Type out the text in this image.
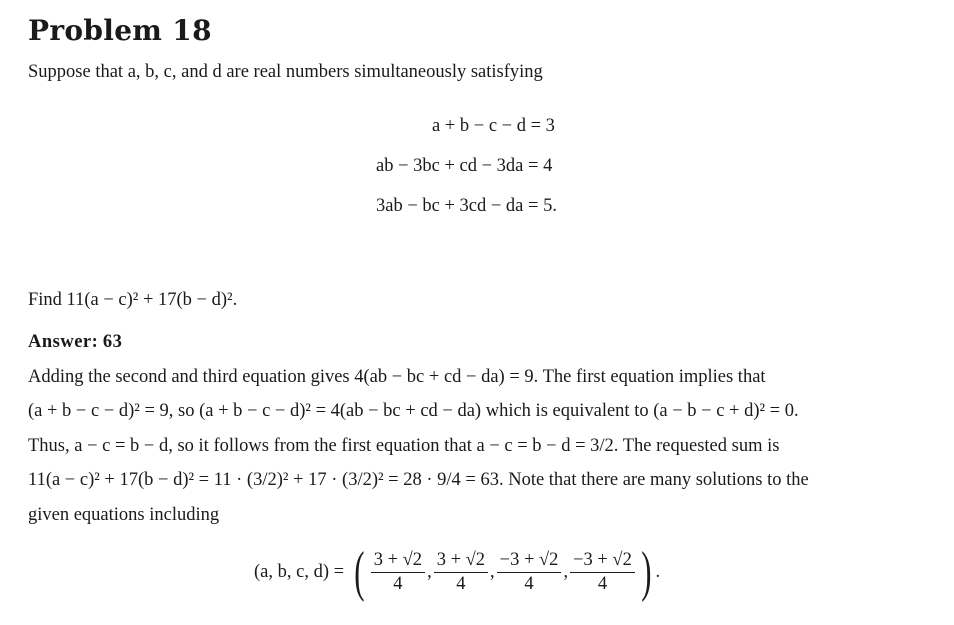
Problem 18
Suppose that a, b, c, and d are real numbers simultaneously satisfying
a + b − c − d = 3
ab − 3bc + cd − 3da = 4
3ab − bc + 3cd − da = 5.
Find 11(a − c)² + 17(b − d)².
Answer: 63
Adding the second and third equation gives 4(ab − bc + cd − da) = 9. The first equation implies that
(a + b − c − d)² = 9, so (a + b − c − d)² = 4(ab − bc + cd − da) which is equivalent to (a − b − c + d)² = 0.
Thus, a − c = b − d, so it follows from the first equation that a − c = b − d = 3/2. The requested sum is
11(a − c)² + 17(b − d)² = 11 · (3/2)² + 17 · (3/2)² = 28 · 9/4 = 63. Note that there are many solutions to the
given equations including
(a, b, c, d) = ( $\frac{3 + √2}{4}$ , $\frac{3 + √2}{4}$ , $\frac{-3 + √2}{4}$ , $\frac{-3 + √2}{4}$ ) .
